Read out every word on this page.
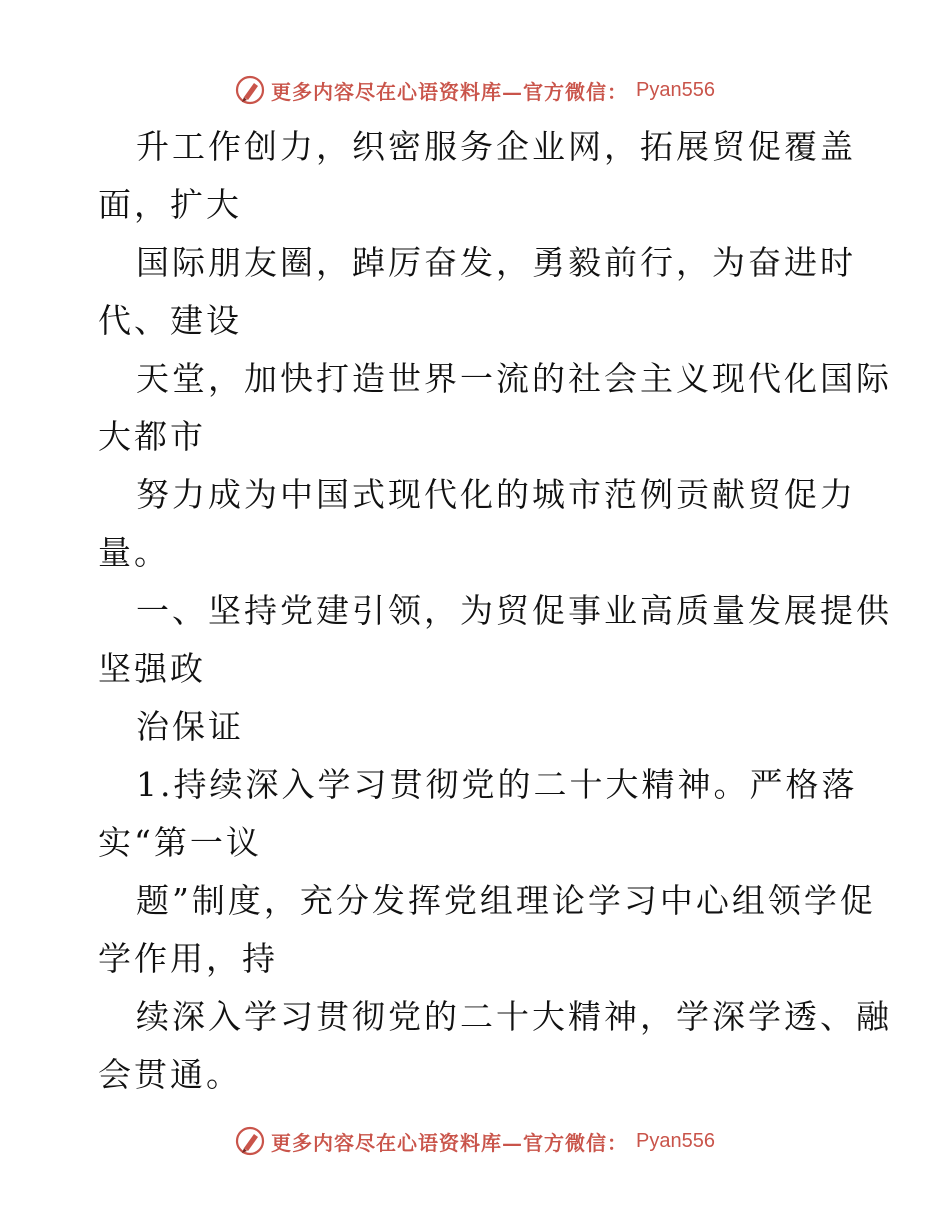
更多内容尽在心语资料库—官方微信： Pyan556
升工作创力，织密服务企业网，拓展贸促覆盖
面，扩大
国际朋友圈，踔厉奋发，勇毅前行，为奋进时
代、建设
天堂，加快打造世界一流的社会主义现代化国际
大都市
努力成为中国式现代化的城市范例贡献贸促力
量。
一、坚持党建引领，为贸促事业高质量发展提供
坚强政
治保证
1.持续深入学习贯彻党的二十大精神。严格落
实“第一议
题”制度，充分发挥党组理论学习中心组领学促
学作用，持
续深入学习贯彻党的二十大精神，学深学透、融
会贯通。
更多内容尽在心语资料库—官方微信： Pyan556
